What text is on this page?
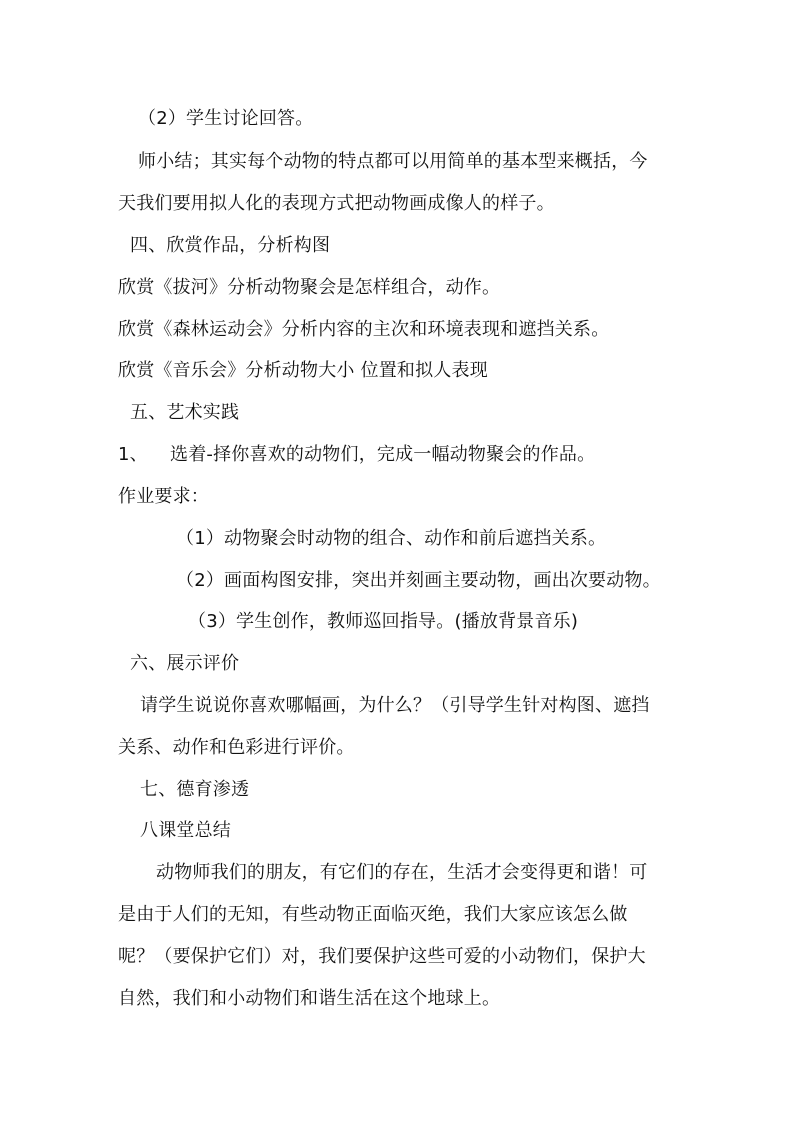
（2）学生讨论回答。
师小结；其实每个动物的特点都可以用简单的基本型来概括，今
天我们要用拟人化的表现方式把动物画成像人的样子。
四、欣赏作品，分析构图
欣赏《拔河》分析动物聚会是怎样组合，动作。
欣赏《森林运动会》分析内容的主次和环境表现和遮挡关系。
欣赏《音乐会》分析动物大小 位置和拟人表现
五、艺术实践
1、 选着-择你喜欢的动物们，完成一幅动物聚会的作品。
作业要求：
（1）动物聚会时动物的组合、动作和前后遮挡关系。
（2）画面构图安排，突出并刻画主要动物，画出次要动物。
（3）学生创作，教师巡回指导。(播放背景音乐)
六、展示评价
请学生说说你喜欢哪幅画，为什么？（引导学生针对构图、遮挡
关系、动作和色彩进行评价。
七、德育渗透
八课堂总结
动物师我们的朋友，有它们的存在，生活才会变得更和谐！可
是由于人们的无知，有些动物正面临灭绝，我们大家应该怎么做
呢？（要保护它们）对，我们要保护这些可爱的小动物们，保护大
自然，我们和小动物们和谐生活在这个地球上。
